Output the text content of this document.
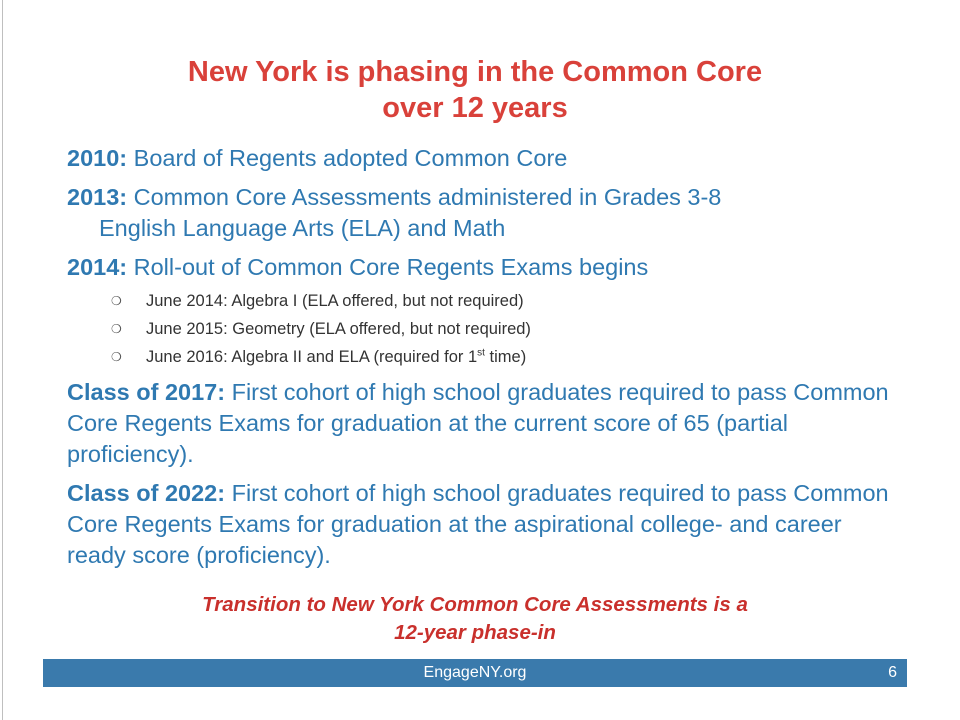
New York is phasing in the Common Core
over 12 years
2010: Board of Regents adopted Common Core
2013: Common Core Assessments administered in Grades 3-8
English Language Arts (ELA) and Math
2014: Roll-out of Common Core Regents Exams begins
❍ June 2014: Algebra I (ELA offered, but not required)
❍ June 2015: Geometry (ELA offered, but not required)
❍ June 2016: Algebra II and ELA (required for 1st time)
Class of 2017: First cohort of high school graduates required to pass Common Core Regents Exams for graduation at the current score of 65 (partial proficiency).
Class of 2022: First cohort of high school graduates required to pass Common Core Regents Exams for graduation at the aspirational college- and career ready score (proficiency).
Transition to New York Common Core Assessments is a
12-year phase-in
EngageNY.org	6
